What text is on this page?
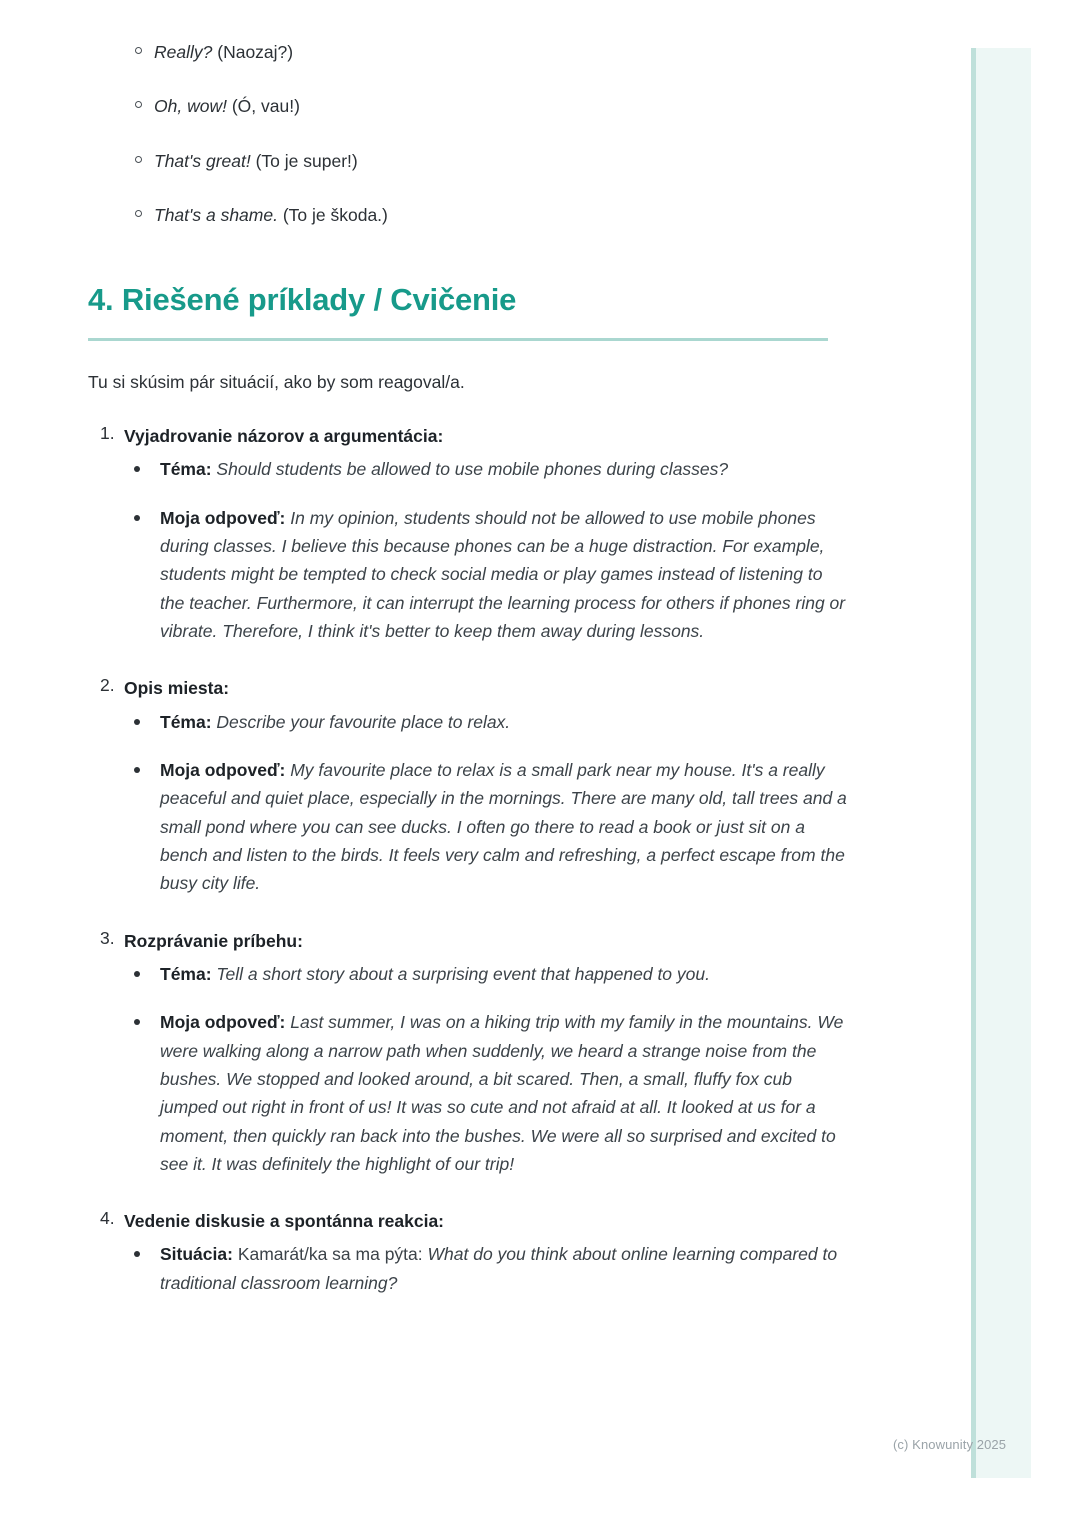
Really? (Naozaj?)
Oh, wow! (Ó, vau!)
That's great! (To je super!)
That's a shame. (To je škoda.)
4. Riešené príklady / Cvičenie

Tu si skúsim pár situácií, ako by som reagoval/a.

Vyjadrovanie názorov a argumentácia:
Téma: Should students be allowed to use mobile phones during classes?
Moja odpoveď: In my opinion, students should not be allowed to use mobile phones during classes. I believe this because phones can be a huge distraction. For example, students might be tempted to check social media or play games instead of listening to the teacher. Furthermore, it can interrupt the learning process for others if phones ring or vibrate. Therefore, I think it's better to keep them away during lessons.
Opis miesta:
Téma: Describe your favourite place to relax.
Moja odpoveď: My favourite place to relax is a small park near my house. It's a really peaceful and quiet place, especially in the mornings. There are many old, tall trees and a small pond where you can see ducks. I often go there to read a book or just sit on a bench and listen to the birds. It feels very calm and refreshing, a perfect escape from the busy city life.
Rozprávanie príbehu:
Téma: Tell a short story about a surprising event that happened to you.
Moja odpoveď: Last summer, I was on a hiking trip with my family in the mountains. We were walking along a narrow path when suddenly, we heard a strange noise from the bushes. We stopped and looked around, a bit scared. Then, a small, fluffy fox cub jumped out right in front of us! It was so cute and not afraid at all. It looked at us for a moment, then quickly ran back into the bushes. We were all so surprised and excited to see it. It was definitely the highlight of our trip!
Vedenie diskusie a spontánna reakcia:
Situácia: Kamarát/ka sa ma pýta: What do you think about online learning compared to traditional classroom learning?
(c) Knowunity 2025
